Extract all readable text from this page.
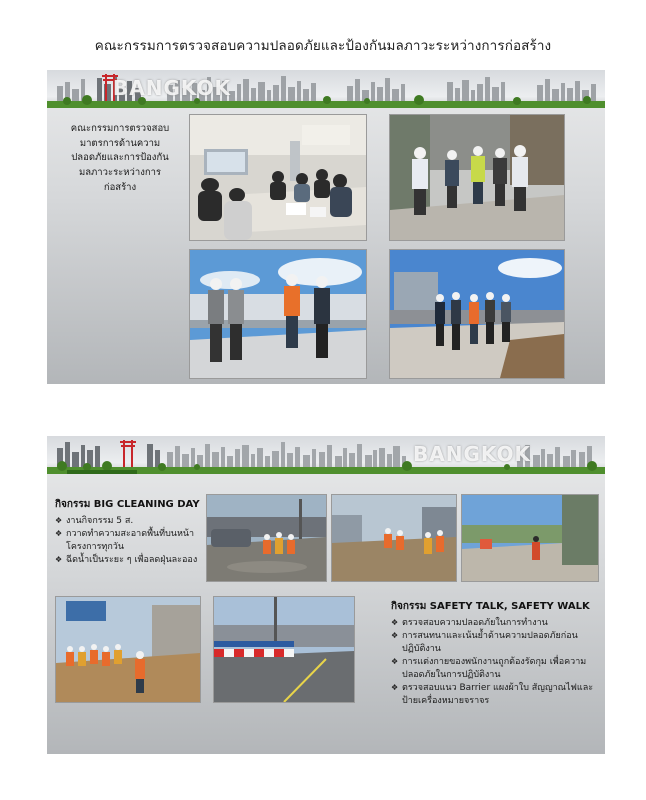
คณะกรรมการตรวจสอบความปลอดภัยและป้องกันมลภาวะระหว่างการก่อสร้าง
BANGKOK
คณะกรรมการตรวจสอบ
มาตรการด้านความ
ปลอดภัยและการป้องกัน
มลภาวะระหว่างการ
ก่อสร้าง
BANGKOK
กิจกรรม BIG CLEANING DAY
❖ งานกิจกรรม 5 ส.
❖ กวาดทำความสะอาดพื้นที่บนหน้าโครงการทุกวัน
❖ ฉีดน้ำเป็นระยะ ๆ เพื่อลดฝุ่นละออง
กิจกรรม SAFETY TALK, SAFETY WALK
❖ ตรวจสอบความปลอดภัยในการทำงาน
❖ การสนทนาและเน้นย้ำด้านความปลอดภัยก่อนปฏิบัติงาน
❖ การแต่งกายของพนักงานถูกต้องรัดกุม เพื่อความปลอดภัยในการปฏิบัติงาน
❖ ตรวจสอบแนว Barrier แผงผ้าใบ สัญญาณไฟและป้ายเครื่องหมายจราจร
